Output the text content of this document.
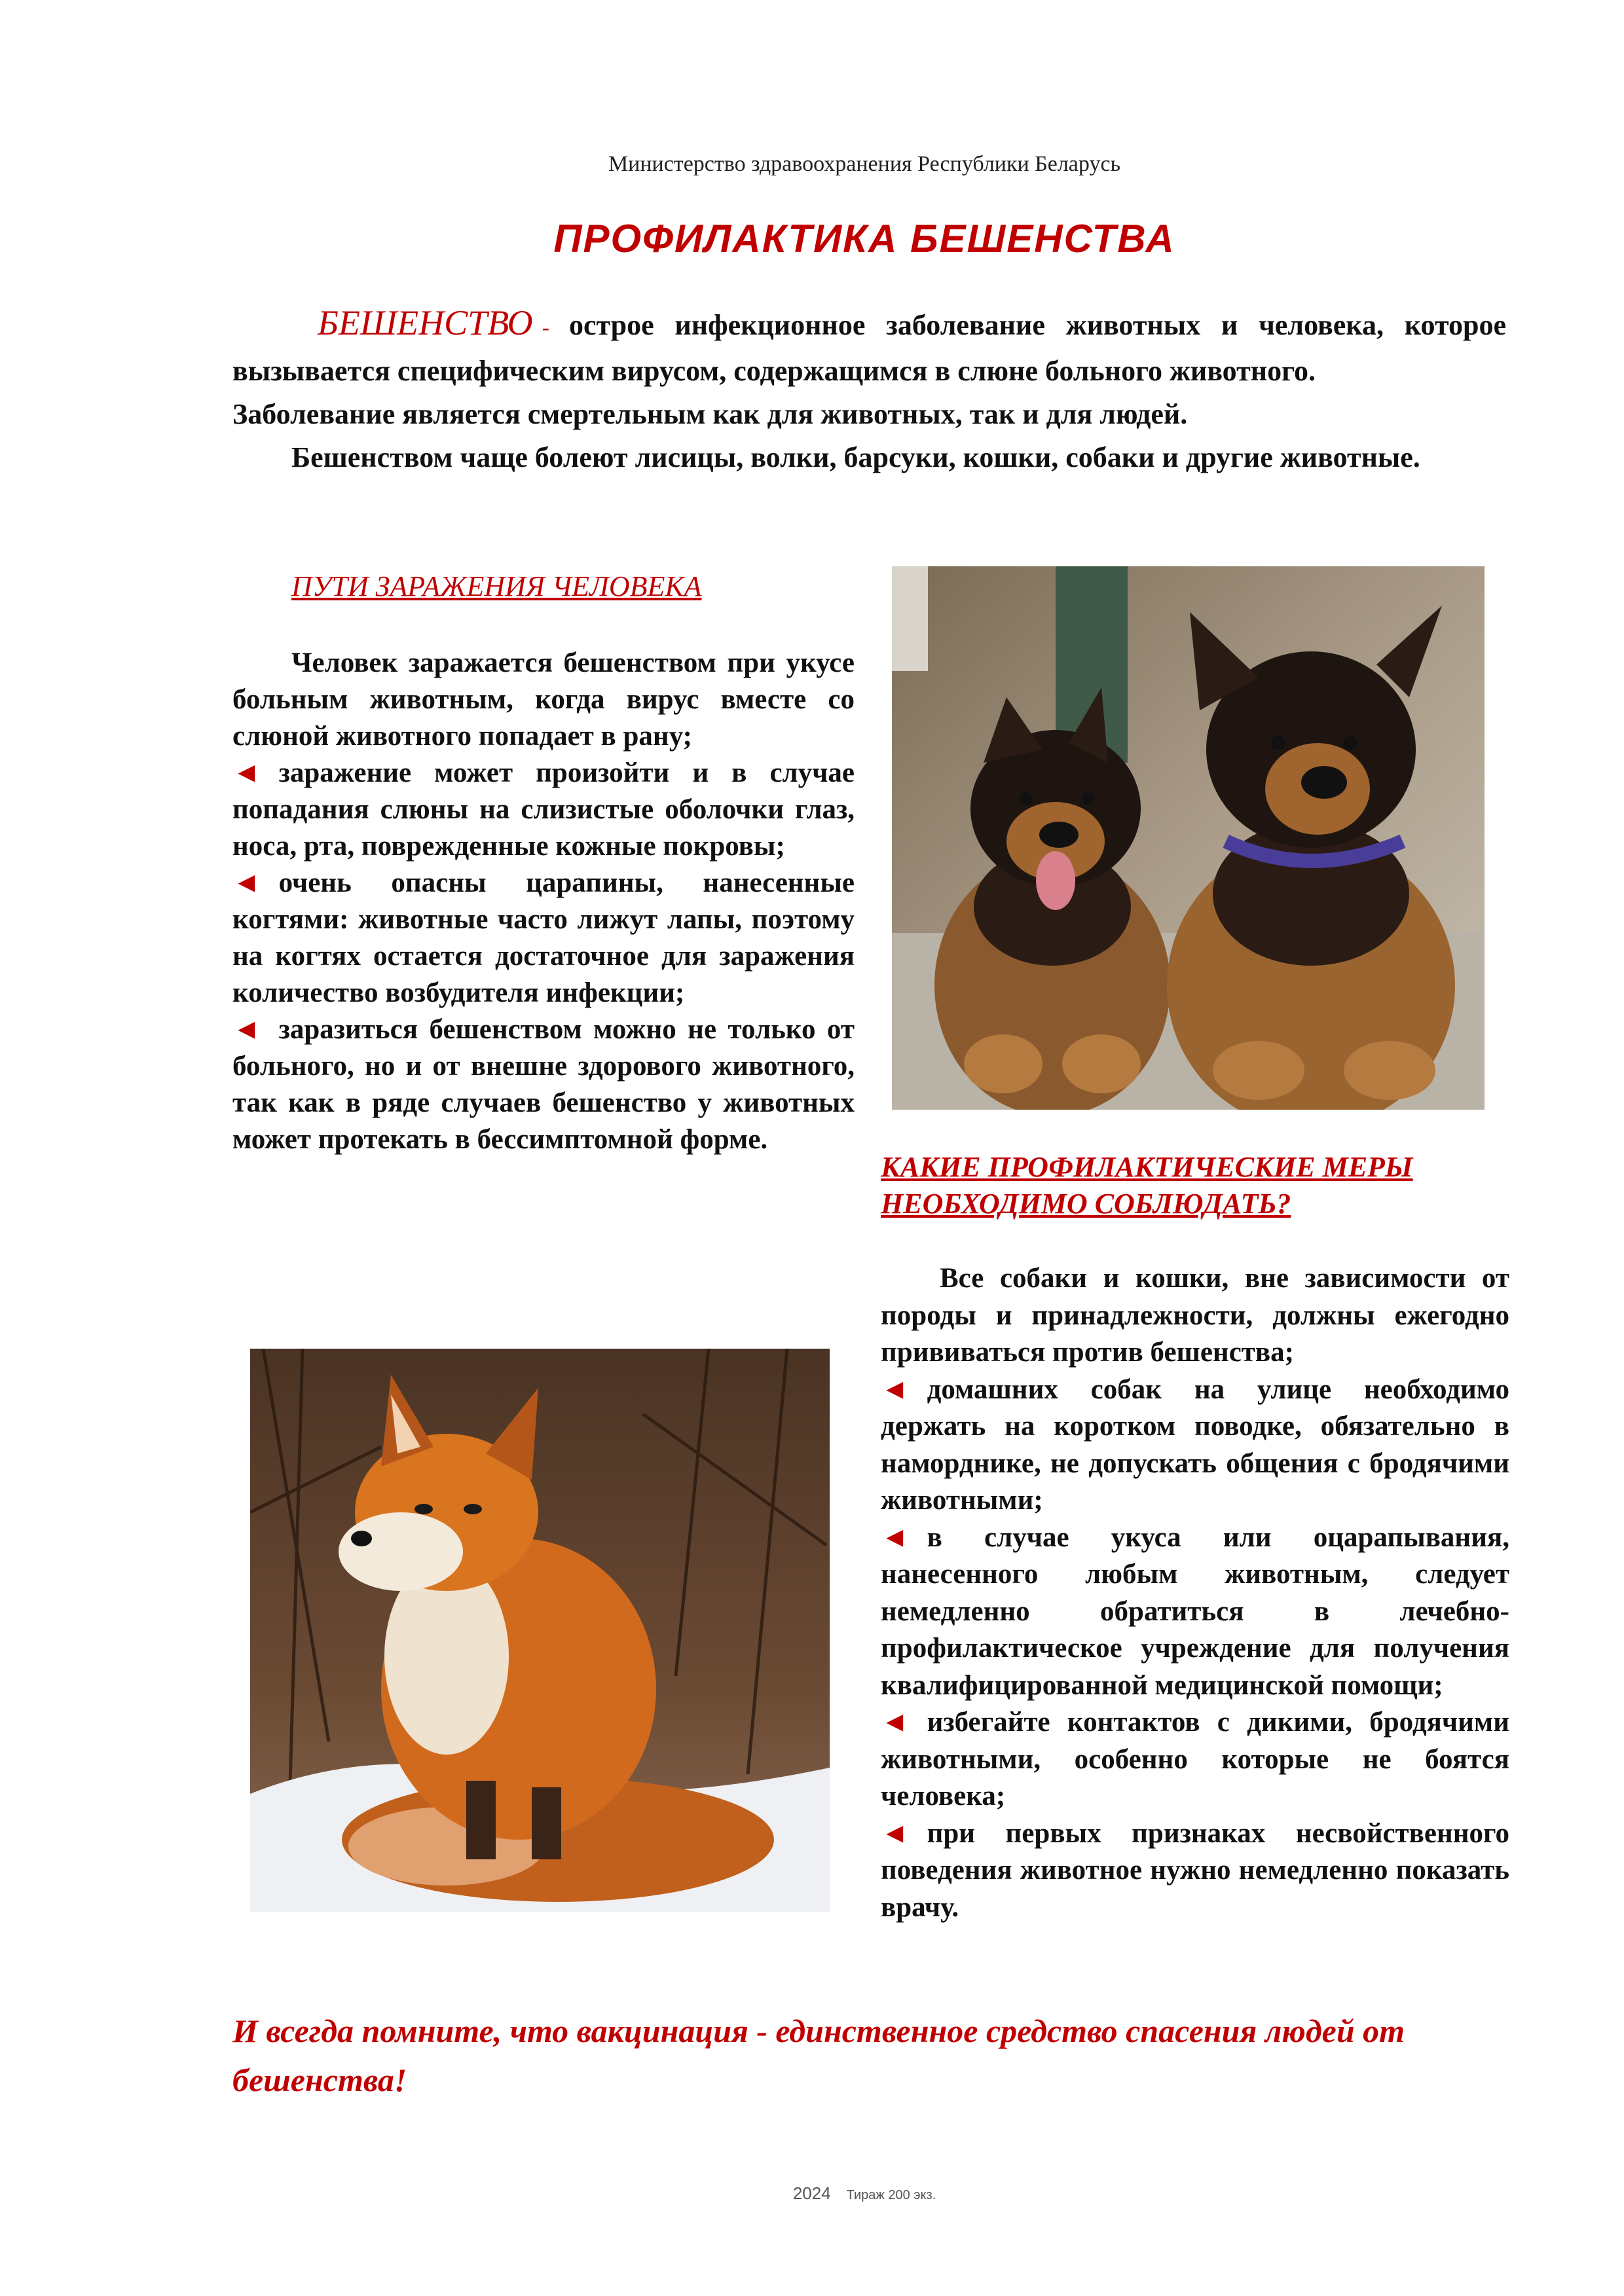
Министерство здравоохранения Республики Беларусь
ПРОФИЛАКТИКА БЕШЕНСТВА

БЕШЕНСТВО - острое инфекционное заболевание животных и человека, которое вызывается специфическим вирусом, содержащимся в слюне больного животного.

Заболевание является смертельным как для животных, так и для людей.

Бешенством чаще болеют лисицы, волки, барсуки, кошки, собаки и другие животные.

ПУТИ ЗАРАЖЕНИЯ ЧЕЛОВЕКА

Человек заражается бешенством при укусе больным животным, когда вирус вместе со слюной животного попадает в рану;

◄ заражение может произойти и в случае попадания слюны на слизистые оболочки глаз, носа, рта, поврежденные кожные покровы;

◄ очень опасны царапины, нанесенные когтями: животные часто лижут лапы, поэтому на когтях остается достаточное для заражения количество возбудителя инфекции;

◄ заразиться бешенством можно не только от больного, но и от внешне здорового животного, так как в ряде случаев бешенство у животных может протекать в бессимптомной форме.

КАКИЕ ПРОФИЛАКТИЧЕСКИЕ МЕРЫ НЕОБХОДИМО СОБЛЮДАТЬ?

Все собаки и кошки, вне зависимости от породы и принадлежности, должны ежегодно прививаться против бешенства;

◄ домашних собак на улице необходимо держать на коротком поводке, обязательно в наморднике, не допускать общения с бродячими животными;

◄ в случае укуса или оцарапывания, нанесенного любым животным, следует немедленно обратиться в лечебно-профилактическое учреждение для получения квалифицированной медицинской помощи;

◄ избегайте контактов с дикими, бродячими животными, особенно которые не боятся человека;

◄ при первых признаках несвойственного поведения животное нужно немедленно показать врачу.

И всегда помните, что вакцинация - единственное средство спасения людей от бешенства!
2024 Тираж 200 экз.
